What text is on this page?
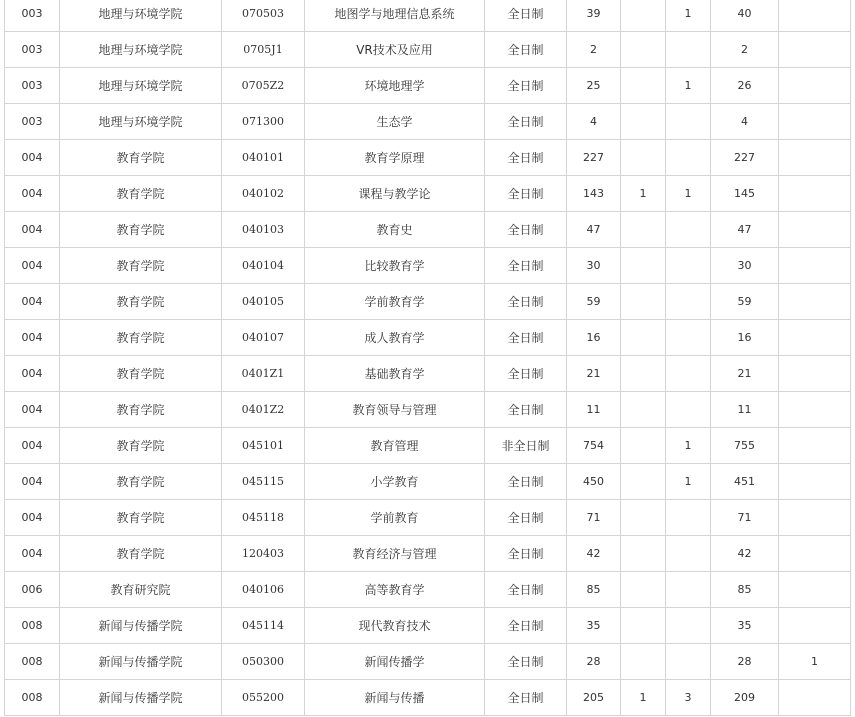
003	地理与环境学院	070503	地图学与地理信息系统	全日制	39		1	40	
003	地理与环境学院	0705J1	VR技术及应用	全日制	2			2	
003	地理与环境学院	0705Z2	环境地理学	全日制	25		1	26	
003	地理与环境学院	071300	生态学	全日制	4			4	
004	教育学院	040101	教育学原理	全日制	227			227	
004	教育学院	040102	课程与教学论	全日制	143	1	1	145	
004	教育学院	040103	教育史	全日制	47			47	
004	教育学院	040104	比较教育学	全日制	30			30	
004	教育学院	040105	学前教育学	全日制	59			59	
004	教育学院	040107	成人教育学	全日制	16			16	
004	教育学院	0401Z1	基础教育学	全日制	21			21	
004	教育学院	0401Z2	教育领导与管理	全日制	11			11	
004	教育学院	045101	教育管理	非全日制	754		1	755	
004	教育学院	045115	小学教育	全日制	450		1	451	
004	教育学院	045118	学前教育	全日制	71			71	
004	教育学院	120403	教育经济与管理	全日制	42			42	
006	教育研究院	040106	高等教育学	全日制	85			85	
008	新闻与传播学院	045114	现代教育技术	全日制	35			35	
008	新闻与传播学院	050300	新闻传播学	全日制	28			28	1
008	新闻与传播学院	055200	新闻与传播	全日制	205	1	3	209	
